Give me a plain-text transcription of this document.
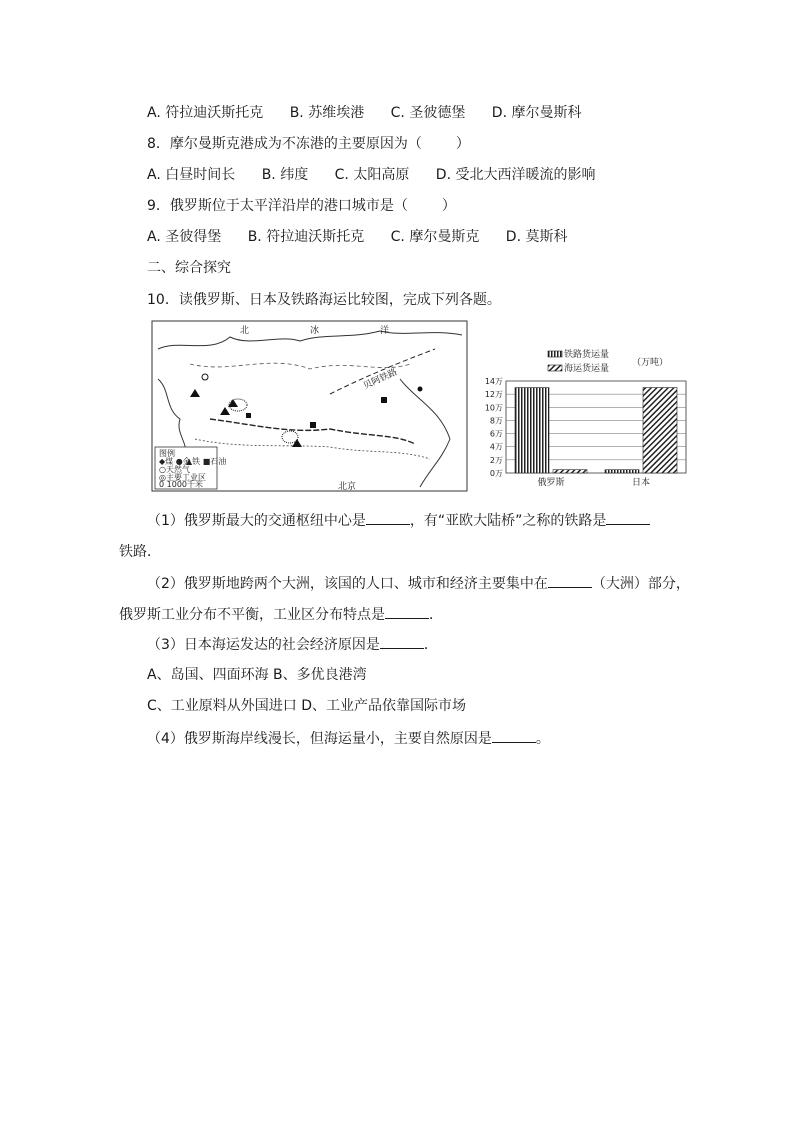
A. 符拉迪沃斯托克 B. 苏维埃港 C. 圣彼德堡 D. 摩尔曼斯科
8．摩尔曼斯克港成为不冻港的主要原因为（ ）
A. 白昼时间长 B. 纬度 C. 太阳高原 D. 受北大西洋暖流的影响
9．俄罗斯位于太平洋沿岸的港口城市是（ ）
A. 圣彼得堡 B. 符拉迪沃斯托克 C. 摩尔曼斯克 D. 莫斯科
二、综合探究
10．读俄罗斯、日本及铁路海运比较图，完成下列各题。
北	冰	洋
贝阿铁路
北京
图例
◆煤 ●金
▲铁 ■石油
○天然气
◎主要工业区
0 1000千米
铁路货运量
海运货运量
（万吨）
0万
2万
4万
6万
8万
10万
12万
14万
俄罗斯	日本
（1）俄罗斯最大的交通枢纽中心是	，有“亚欧大陆桥”之称的铁路是
铁路．
（2）俄罗斯地跨两个大洲，该国的人口、城市和经济主要集中在	（大洲）部分，
俄罗斯工业分布不平衡，工业区分布特点是	．
（3）日本海运发达的社会经济原因是	．
A、岛国、四面环海 B、多优良港湾
C、工业原料从外国进口 D、工业产品依靠国际市场
（4）俄罗斯海岸线漫长，但海运量小，主要自然原因是	。
